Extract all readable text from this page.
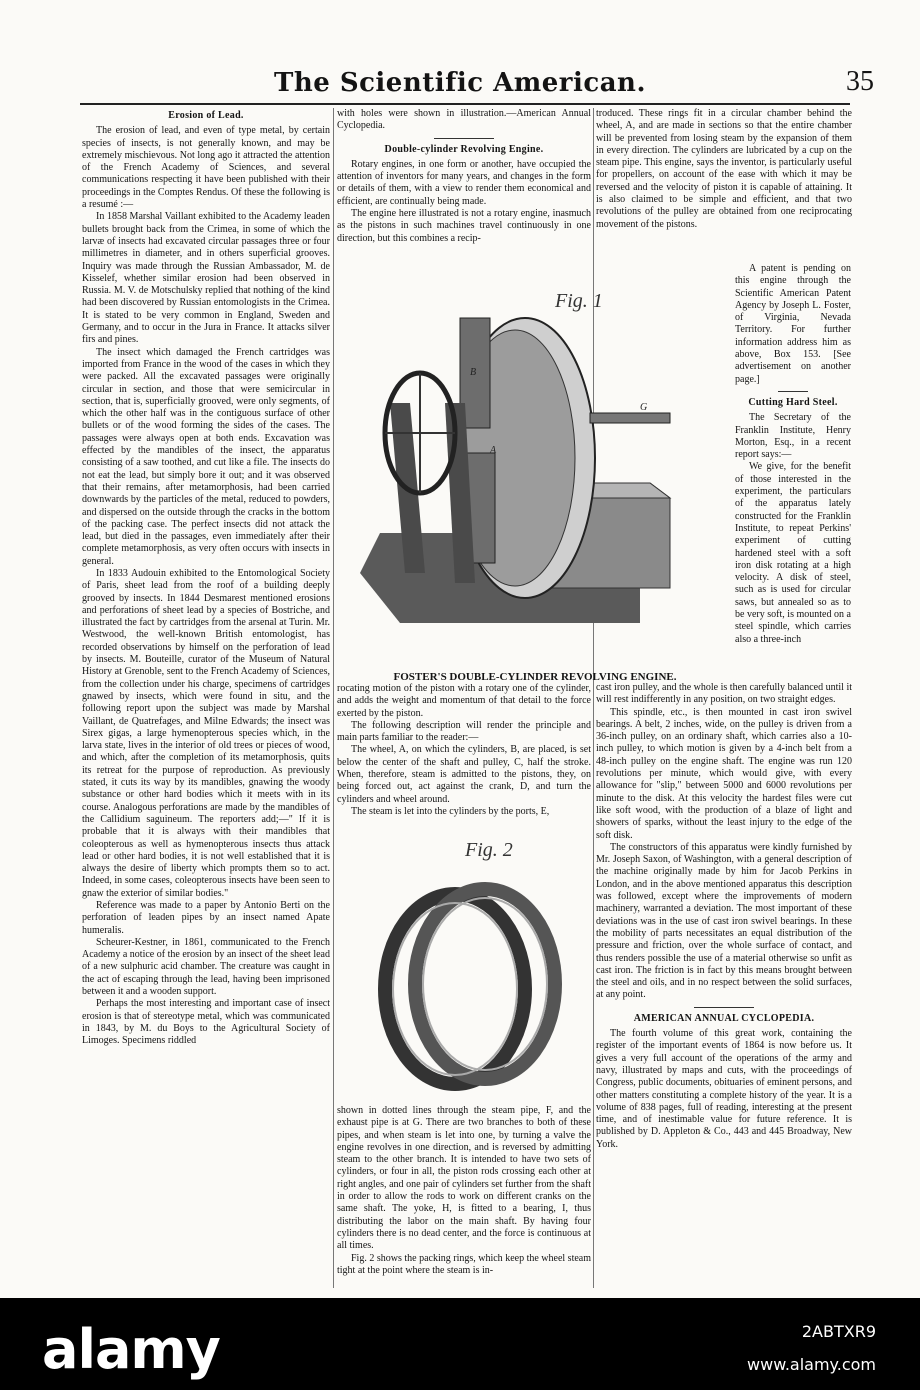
The Scientific American.	35
Erosion of Lead.

The erosion of lead, and even of type metal, by certain species of insects, is not generally known, and may be extremely mischievous. Not long ago it attracted the attention of the French Academy of Sciences, and several communications respecting it have been published with their proceedings in the Comptes Rendus. Of these the following is a resumé :—

In 1858 Marshal Vaillant exhibited to the Academy leaden bullets brought back from the Crimea, in some of which the larvæ of insects had excavated circular passages three or four millimetres in diameter, and in others superficial grooves. Inquiry was made through the Russian Ambassador, M. de Kisselef, whether similar erosion had been observed in Russia. M. V. de Motschulsky replied that nothing of the kind had been discovered by Russian entomologists in the Crimea. It is stated to be very common in England, Sweden and Germany, and to occur in the Jura in France. It attacks silver firs and pines.

The insect which damaged the French cartridges was imported from France in the wood of the cases in which they were packed. All the excavated passages were originally circular in section, and those that were semicircular in section, that is, superficially grooved, were only segments, of which the other half was in the contiguous surface of other bullets or of the wood forming the sides of the cases. The passages were always open at both ends. Excavation was effected by the mandibles of the insect, the apparatus consisting of a saw toothed, and cut like a file. The insects do not eat the lead, but simply bore it out; and it was observed that their remains, after metamorphosis, had been carried downwards by the particles of the metal, reduced to powders, and dispersed on the outside through the cracks in the bottom of the packing case. The perfect insects did not attack the lead, but died in the passages, even immediately after their complete metamorphosis, as very often occurs with insects in general.

In 1833 Audouin exhibited to the Entomological Society of Paris, sheet lead from the roof of a building deeply grooved by insects. In 1844 Desmarest mentioned erosions and perforations of sheet lead by a species of Bostriche, and illustrated the fact by cartridges from the arsenal at Turin. Mr. Westwood, the well-known British entomologist, has recorded observations by himself on the perforation of lead by insects. M. Bouteille, curator of the Museum of Natural History at Grenoble, sent to the French Academy of Sciences, from the collection under his charge, specimens of cartridges gnawed by insects, which were found in situ, and the following report upon the subject was made by Marshal Vaillant, de Quatrefages, and Milne Edwards; the insect was Sirex gigas, a large hymenopterous species which, in the larva state, lives in the interior of old trees or pieces of wood, and which, after the completion of its metamorphosis, quits its retreat for the purpose of reproduction. As previously stated, it cuts its way by its mandibles, gnawing the woody substance or other hard bodies which it meets with in its course. Analogous perforations are made by the mandibles of the Callidium saguineum. The reporters add;—" If it is probable that it is always with their mandibles that coleopterous as well as hymenopterous insects thus attack lead or other hard bodies, it is not well established that it is always the desire of liberty which prompts them so to act. Indeed, in some cases, coleopterous insects have been seen to gnaw the exterior of similar bodies."

Reference was made to a paper by Antonio Berti on the perforation of leaden pipes by an insect named Apate humeralis.

Scheurer-Kestner, in 1861, communicated to the French Academy a notice of the erosion by an insect of the sheet lead of a new sulphuric acid chamber. The creature was caught in the act of escaping through the lead, having been imprisoned between it and a wooden support.

Perhaps the most interesting and important case of insect erosion is that of stereotype metal, which was communicated in 1843, by M. du Boys to the Agricultural Society of Limoges. Specimens riddled

with holes were shown in illustration.—American Annual Cyclopedia.

Double-cylinder Revolving Engine.

Rotary engines, in one form or another, have occupied the attention of inventors for many years, and changes in the form or details of them, with a view to render them economical and efficient, are continually being made.

The engine here illustrated is not a rotary engine, inasmuch as the pistons in such machines travel continuously in one direction, but this combines a recip-

Fig. 1
B
A
G
FOSTER'S DOUBLE-CYLINDER REVOLVING ENGINE.

rocating motion of the piston with a rotary one of the cylinder, and adds the weight and momentum of that detail to the force exerted by the piston.

The following description will render the principle and main parts familiar to the reader:—

The wheel, A, on which the cylinders, B, are placed, is set below the center of the shaft and pulley, C, half the stroke. When, therefore, steam is admitted to the pistons, they, on being forced out, act against the crank, D, and turn the cylinders and wheel around.

The steam is let into the cylinders by the ports, E,

Fig. 2

shown in dotted lines through the steam pipe, F, and the exhaust pipe is at G. There are two branches to both of these pipes, and when steam is let into one, by turning a valve the engine revolves in one direction, and is reversed by admitting steam to the other branch. It is intended to have two sets of cylinders, or four in all, the piston rods crossing each other at right angles, and one pair of cylinders set further from the shaft in order to allow the rods to work on different cranks on the same shaft. The yoke, H, is fitted to a bearing, I, thus distributing the labor on the main shaft. By having four cylinders there is no dead center, and the force is continuous at all times.

Fig. 2 shows the packing rings, which keep the wheel steam tight at the point where the steam is in-

troduced. These rings fit in a circular chamber behind the wheel, A, and are made in sections so that the entire chamber will be prevented from losing steam by the expansion of them in every direction. The cylinders are lubricated by a cup on the steam pipe. This engine, says the inventor, is particularly useful for propellers, on account of the ease with which it may be reversed and the velocity of piston it is capable of attaining. It is also claimed to be simple and efficient, and that two revolutions of the pulley are obtained from one reciprocating movement of the pistons.

A patent is pending on this engine through the Scientific American Patent Agency by Joseph L. Foster, of Virginia, Nevada Territory. For further information address him as above, Box 153. [See advertisement on another page.]

Cutting Hard Steel.

The Secretary of the Franklin Institute, Henry Morton, Esq., in a recent report says:—

We give, for the benefit of those interested in the experiment, the particulars of the apparatus lately constructed for the Franklin Institute, to repeat Perkins' experiment of cutting hardened steel with a soft iron disk rotating at a high velocity. A disk of steel, such as is used for circular saws, but annealed so as to be very soft, is mounted on a steel spindle, which carries also a three-inch

cast iron pulley, and the whole is then carefully balanced until it will rest indifferently in any position, on two straight edges.

This spindle, etc., is then mounted in cast iron swivel bearings. A belt, 2 inches, wide, on the pulley is driven from a 36-inch pulley, on an ordinary shaft, which carries also a 10-inch pulley, to which motion is given by a 4-inch belt from a 48-inch pulley on the engine shaft. The engine was run 120 revolutions per minute, which would give, with every allowance for "slip," between 5000 and 6000 revolutions per minute to the disk. At this velocity the hardest files were cut like soft wood, with the production of a blaze of light and showers of sparks, without the least injury to the edge of the soft disk.

The constructors of this apparatus were kindly furnished by Mr. Joseph Saxon, of Washington, with a general description of the machine originally made by him for Jacob Perkins in London, and in the above mentioned apparatus this description was followed, except where the improvements of modern machinery, warranted a deviation. The most important of these deviations was in the use of cast iron swivel bearings. In these the mobility of parts necessitates an equal distribution of the pressure and friction, over the whole surface of contact, and thus renders possible the use of a material otherwise so unfit as cast iron. The friction is in fact by this means brought between the steel and oils, and in no respect between the solid surfaces, at any point.

AMERICAN ANNUAL CYCLOPEDIA.

The fourth volume of this great work, containing the register of the important events of 1864 is now before us. It gives a very full account of the operations of the army and navy, illustrated by maps and cuts, with the proceedings of Congress, public documents, obituaries of eminent persons, and other matters constituting a complete history of the year. It is a volume of 838 pages, full of reading, interesting at the present time, and of inestimable value for future reference. It is published by D. Appleton & Co., 443 and 445 Broadway, New York.

alamy	2ABTXR9
www.alamy.com
